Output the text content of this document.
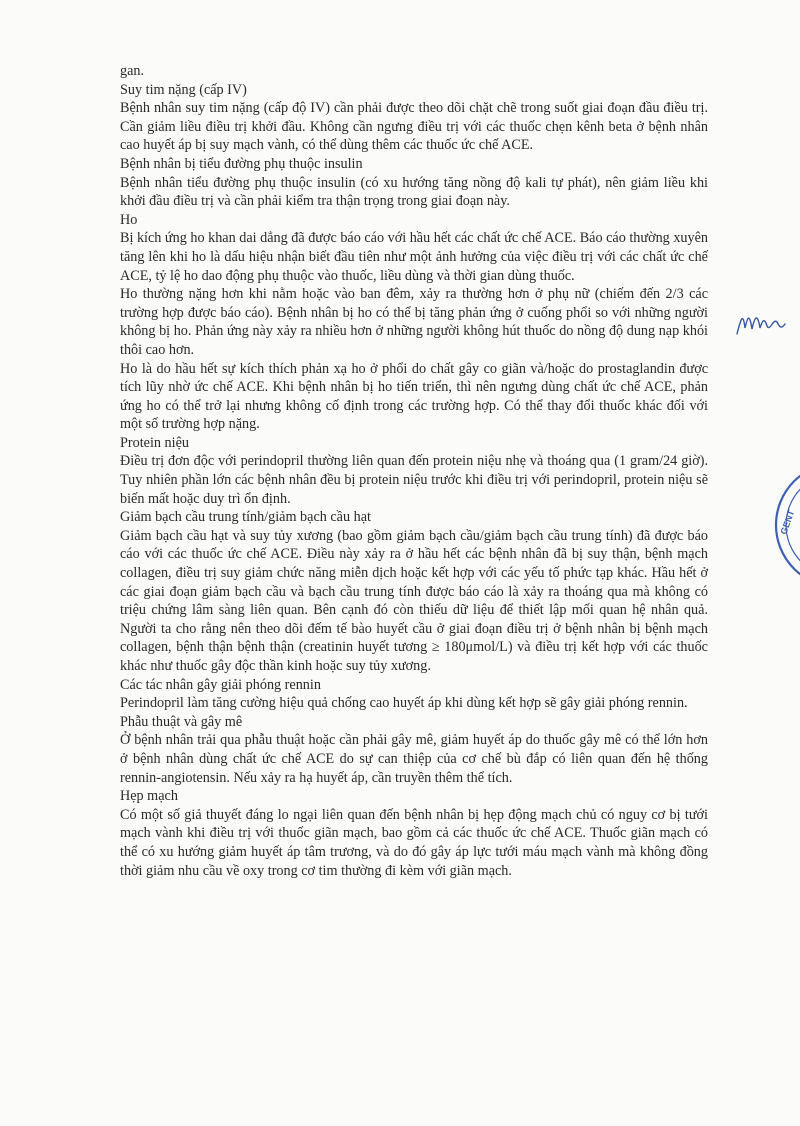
gan.

Suy tim nặng (cấp IV)

Bệnh nhân suy tim nặng (cấp độ IV) cần phải được theo dõi chặt chẽ trong suốt giai đoạn đầu điều trị. Cần giảm liều điều trị khởi đầu. Không cần ngưng điều trị với các thuốc chẹn kênh beta ở bệnh nhân cao huyết áp bị suy mạch vành, có thể dùng thêm các thuốc ức chế ACE.

Bệnh nhân bị tiểu đường phụ thuộc insulin

Bệnh nhân tiểu đường phụ thuộc insulin (có xu hướng tăng nồng độ kali tự phát), nên giảm liều khi khởi đầu điều trị và cần phải kiểm tra thận trọng trong giai đoạn này.

Ho

Bị kích ứng ho khan dai dẳng đã được báo cáo với hầu hết các chất ức chế ACE. Báo cáo thường xuyên tăng lên khi ho là dấu hiệu nhận biết đầu tiên như một ảnh hưởng của việc điều trị với các chất ức chế ACE, tỷ lệ ho dao động phụ thuộc vào thuốc, liều dùng và thời gian dùng thuốc.

Ho thường nặng hơn khi nằm hoặc vào ban đêm, xảy ra thường hơn ở phụ nữ (chiếm đến 2/3 các trường hợp được báo cáo). Bệnh nhân bị ho có thể bị tăng phản ứng ở cuống phổi so với những người không bị ho. Phản ứng này xảy ra nhiều hơn ở những người không hút thuốc do nồng độ dung nạp khói thôi cao hơn.

Ho là do hầu hết sự kích thích phản xạ ho ở phổi do chất gây co giãn và/hoặc do prostaglandin được tích lũy nhờ ức chế ACE. Khi bệnh nhân bị ho tiến triển, thì nên ngưng dùng chất ức chế ACE, phản ứng ho có thể trở lại nhưng không cố định trong các trường hợp. Có thể thay đổi thuốc khác đối với một số trường hợp nặng.

Protein niệu

Điều trị đơn độc với perindopril thường liên quan đến protein niệu nhẹ và thoáng qua (1 gram/24 giờ). Tuy nhiên phần lớn các bệnh nhân đều bị protein niệu trước khi điều trị với perindopril, protein niệu sẽ biến mất hoặc duy trì ổn định.

Giảm bạch cầu trung tính/giảm bạch cầu hạt

Giảm bạch cầu hạt và suy tủy xương (bao gồm giảm bạch cầu/giảm bạch cầu trung tính) đã được báo cáo với các thuốc ức chế ACE. Điều này xảy ra ở hầu hết các bệnh nhân đã bị suy thận, bệnh mạch collagen, điều trị suy giảm chức năng miễn dịch hoặc kết hợp với các yếu tố phức tạp khác. Hầu hết ở các giai đoạn giảm bạch cầu và bạch cầu trung tính được báo cáo là xảy ra thoáng qua mà không có triệu chứng lâm sàng liên quan. Bên cạnh đó còn thiếu dữ liệu để thiết lập mối quan hệ nhân quả. Người ta cho rằng nên theo dõi đếm tế bào huyết cầu ở giai đoạn điều trị ở bệnh nhân bị bệnh mạch collagen, bệnh thận bệnh thận (creatinin huyết tương ≥ 180μmol/L) và điều trị kết hợp với các thuốc khác như thuốc gây độc thần kinh hoặc suy tủy xương.

Các tác nhân gây giải phóng rennin

Perindopril làm tăng cường hiệu quả chống cao huyết áp khi dùng kết hợp sẽ gây giải phóng rennin.

Phẫu thuật và gây mê

Ở bệnh nhân trải qua phẫu thuật hoặc cần phải gây mê, giảm huyết áp do thuốc gây mê có thể lớn hơn ở bệnh nhân dùng chất ức chế ACE do sự can thiệp của cơ chế bù đắp có liên quan đến hệ thống rennin-angiotensin. Nếu xảy ra hạ huyết áp, cần truyền thêm thể tích.

Hẹp mạch

Có một số giả thuyết đáng lo ngại liên quan đến bệnh nhân bị hẹp động mạch chủ có nguy cơ bị tưới mạch vành khi điều trị với thuốc giãn mạch, bao gồm cả các thuốc ức chế ACE. Thuốc giãn mạch có thể có xu hướng giảm huyết áp tâm trương, và do đó gây áp lực tưới máu mạch vành mà không đồng thời giảm nhu cầu về oxy trong cơ tim thường đi kèm với giãn mạch.

GENT
